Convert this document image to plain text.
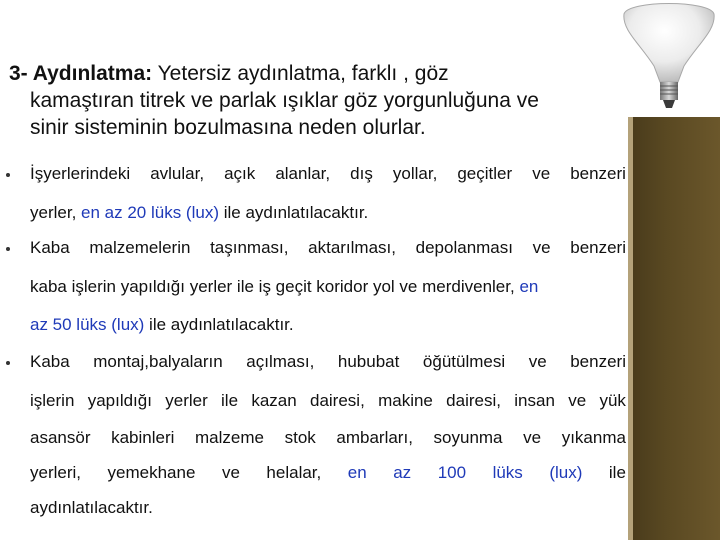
3- Aydınlatma: Yetersiz aydınlatma, farklı , göz
kamaştıran titrek ve parlak ışıklar göz yorgunluğuna ve
sinir sisteminin bozulmasına neden olurlar.
İşyerlerindeki avlular, açık alanlar, dış yollar, geçitler ve benzeri
yerler, en az 20 lüks (lux) ile aydınlatılacaktır.
Kaba malzemelerin taşınması, aktarılması, depolanması ve benzeri
kaba işlerin yapıldığı yerler ile iş geçit koridor yol ve merdivenler, en
az 50 lüks (lux) ile aydınlatılacaktır.
Kaba montaj,balyaların açılması, hububat öğütülmesi ve benzeri
işlerin yapıldığı yerler ile kazan dairesi, makine dairesi, insan ve yük
asansör kabinleri malzeme stok ambarları, soyunma ve yıkanma
yerleri, yemekhane ve helalar, en az 100 lüks (lux) ile
aydınlatılacaktır.
